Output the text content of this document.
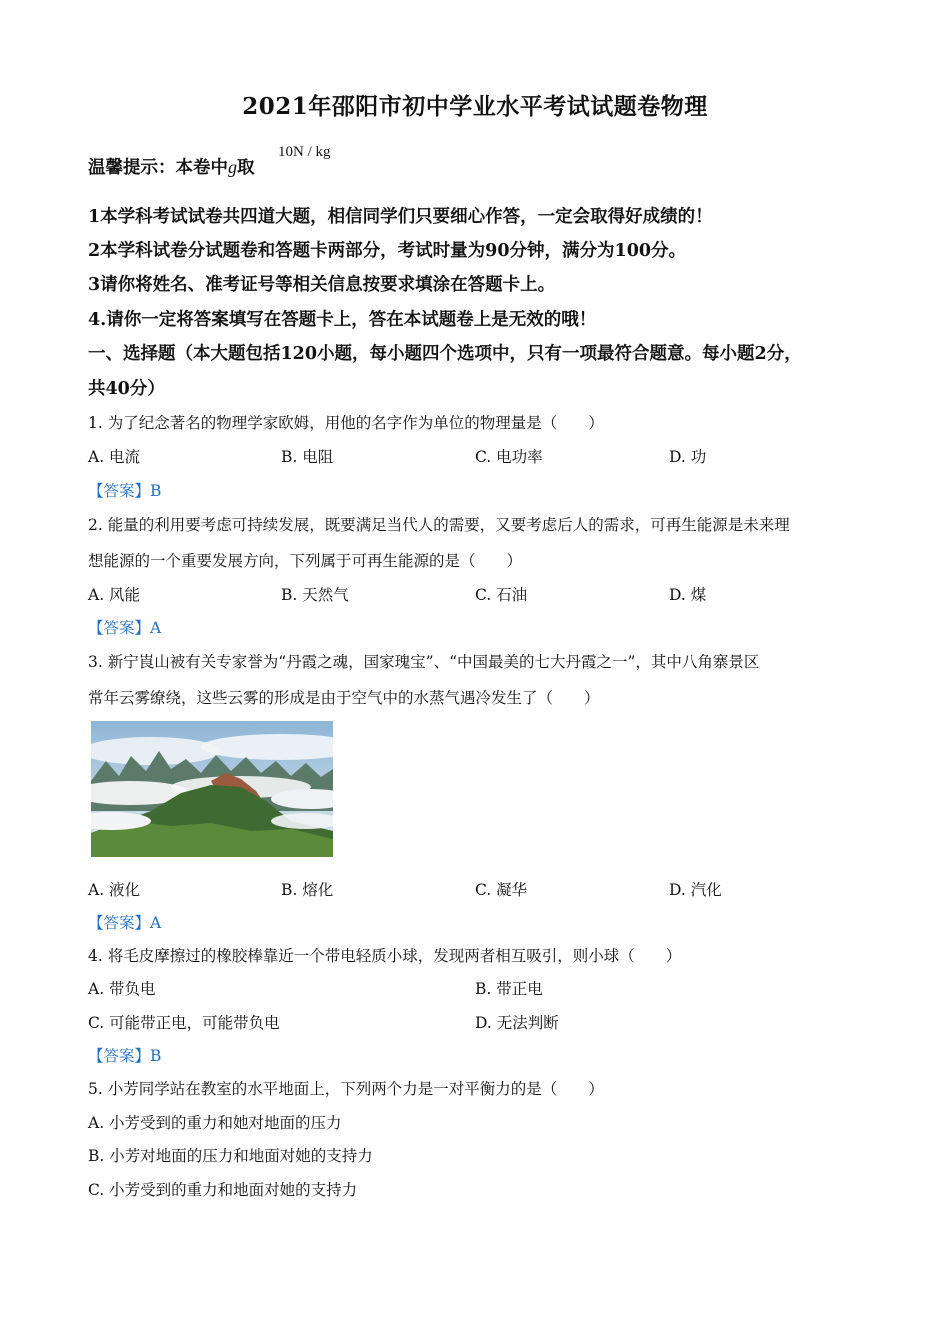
2021年邵阳市初中学业水平考试试题卷物理
温馨提示：本卷中g取
10N / kg
1本学科考试试卷共四道大题，相信同学们只要细心作答，一定会取得好成绩的！
2本学科试卷分试题卷和答题卡两部分，考试时量为90分钟，满分为100分。
3请你将姓名、准考证号等相关信息按要求填涂在答题卡上。
4.请你一定将答案填写在答题卡上，答在本试题卷上是无效的哦！
一、选择题（本大题包括120小题，每小题四个选项中，只有一项最符合题意。每小题2分，
共40分）
1. 为了纪念著名的物理学家欧姆，用他的名字作为单位的物理量是（　　）
A. 电流	B. 电阻	C. 电功率	D. 功
【答案】B
2. 能量的利用要考虑可持续发展，既要满足当代人的需要，又要考虑后人的需求，可再生能源是未来理
想能源的一个重要发展方向，下列属于可再生能源的是（　　）
A. 风能	B. 天然气	C. 石油	D. 煤
【答案】A
3. 新宁崀山被有关专家誉为“丹霞之魂，国家瑰宝”、“中国最美的七大丹霞之一”，其中八角寨景区
常年云雾缭绕，这些云雾的形成是由于空气中的水蒸气遇冷发生了（　　）
A. 液化	B. 熔化	C. 凝华	D. 汽化
【答案】A
4. 将毛皮摩擦过的橡胶棒靠近一个带电轻质小球，发现两者相互吸引，则小球（　　）
A. 带负电	B. 带正电
C. 可能带正电，可能带负电	D. 无法判断
【答案】B
5. 小芳同学站在教室的水平地面上，下列两个力是一对平衡力的是（　　）
A. 小芳受到的重力和她对地面的压力
B. 小芳对地面的压力和地面对她的支持力
C. 小芳受到的重力和地面对她的支持力
